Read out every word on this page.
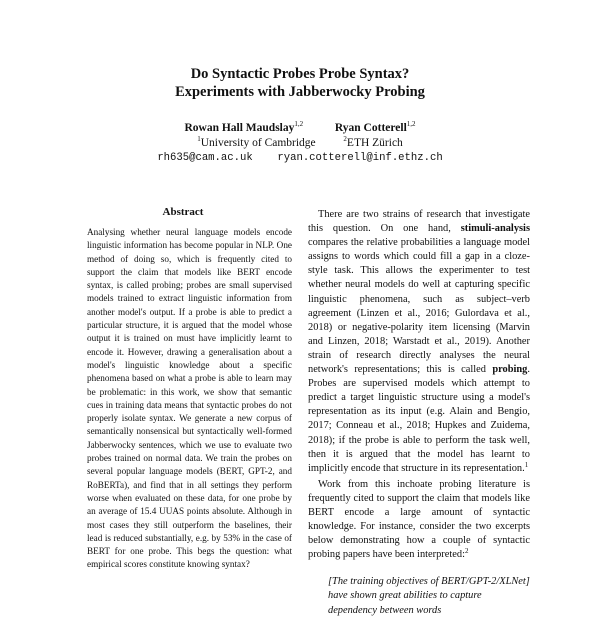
Do Syntactic Probes Probe Syntax?
Experiments with Jabberwocky Probing
Rowan Hall Maudslay$^{1,2}$	Ryan Cotterell$^{1,2}$
$^1$University of Cambridge	$^2$ETH Zürich
rh635@cam.ac.uk ryan.cotterell@inf.ethz.ch
Abstract
Analysing whether neural language models encode linguistic information has become popular in NLP. One method of doing so, which is frequently cited to support the claim that models like BERT encode syntax, is called probing; probes are small supervised models trained to extract linguistic information from another model's output. If a probe is able to predict a particular structure, it is argued that the model whose output it is trained on must have implicitly learnt to encode it. However, drawing a generalisation about a model's linguistic knowledge about a specific phenomena based on what a probe is able to learn may be problematic: in this work, we show that semantic cues in training data means that syntactic probes do not properly isolate syntax. We generate a new corpus of semantically nonsensical but syntactically well-formed Jabberwocky sentences, which we use to evaluate two probes trained on normal data. We train the probes on several popular language models (BERT, GPT-2, and RoBERTa), and find that in all settings they perform worse when evaluated on these data, for one probe by an average of 15.4 UUAS points absolute. Although in most cases they still outperform the baselines, their lead is reduced substantially, e.g. by 53% in the case of BERT for one probe. This begs the question: what empirical scores constitute knowing syntax?

There are two strains of research that investigate this question. On one hand, stimuli-analysis compares the relative probabilities a language model assigns to words which could fill a gap in a cloze-style task. This allows the experimenter to test whether neural models do well at capturing specific linguistic phenomena, such as subject–verb agreement (Linzen et al., 2016; Gulordava et al., 2018) or negative-polarity item licensing (Marvin and Linzen, 2018; Warstadt et al., 2019). Another strain of research directly analyses the neural network's representations; this is called probing. Probes are supervised models which attempt to predict a target linguistic structure using a model's representation as its input (e.g. Alain and Bengio, 2017; Conneau et al., 2018; Hupkes and Zuidema, 2018); if the probe is able to perform the task well, then it is argued that the model has learnt to implicitly encode that structure in its representation.$^1$

Work from this inchoate probing literature is frequently cited to support the claim that models like BERT encode a large amount of syntactic knowledge. For instance, consider the two excerpts below demonstrating how a couple of syntactic probing papers have been interpreted:$^2$

[The training objectives of BERT/GPT-2/XLNet] have shown great abilities to capture dependency between words
